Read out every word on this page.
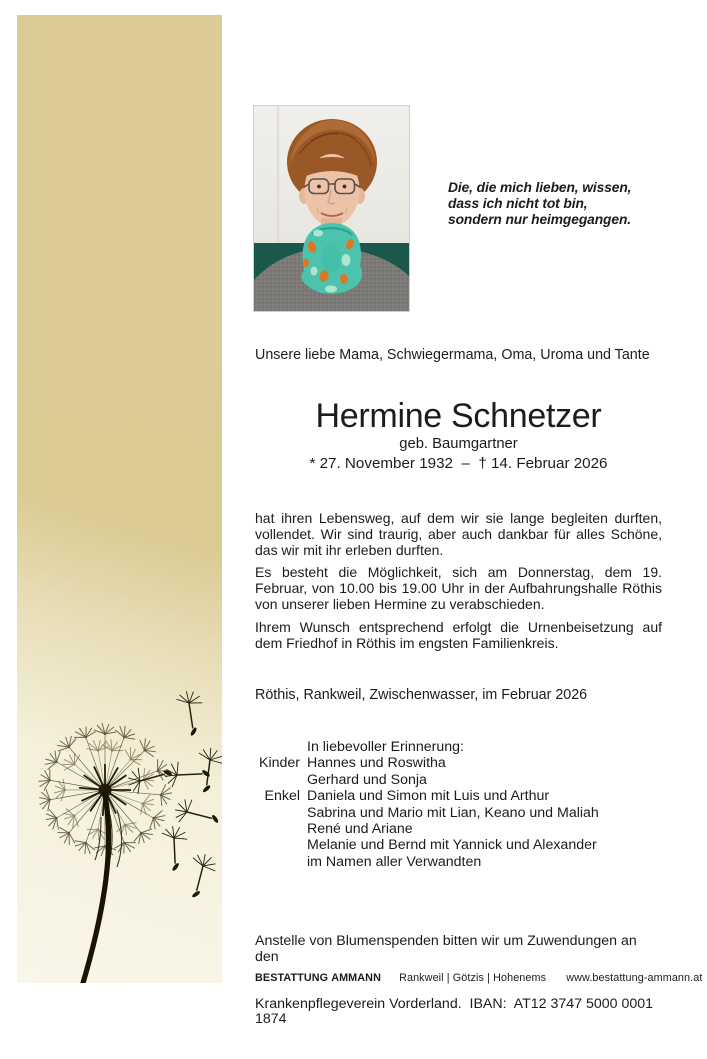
Die, die mich lieben, wissen,
dass ich nicht tot bin,
sondern nur heimgegangen.
Unsere liebe Mama, Schwiegermama, Oma, Uroma und Tante
Hermine Schnetzer
geb. Baumgartner
* 27. November 1932  –  † 14. Februar 2026

hat ihren Lebensweg, auf dem wir sie lange begleiten durften, vollendet. Wir sind traurig, aber auch dankbar für alles Schöne, das wir mit ihr erleben durften.

Es besteht die Möglichkeit, sich am Donnerstag, dem 19. Februar, von 10.00 bis 19.00 Uhr in der Aufbahrungshalle Röthis von unserer lieben Hermine zu verabschieden.

Ihrem Wunsch entsprechend erfolgt die Urnenbeisetzung auf dem Friedhof in Röthis im engsten Familienkreis.

Röthis, Rankweil, Zwischenwasser, im Februar 2026
In liebevoller Erinnerung:
Kinder Hannes und Roswitha
Gerhard und Sonja
Enkel Daniela und Simon mit Luis und Arthur
Sabrina und Mario mit Lian, Keano und Maliah
René und Ariane
Melanie und Bernd mit Yannick und Alexander
im Namen aller Verwandten

Anstelle von Blumenspenden bitten wir um Zuwendungen an den

Krankenpflegeverein Vorderland.  IBAN:  AT12 3747 5000 0001 1874

BESTATTUNG AMMANN Rankweil | Götzis | Hohenems www.bestattung-ammann.at
